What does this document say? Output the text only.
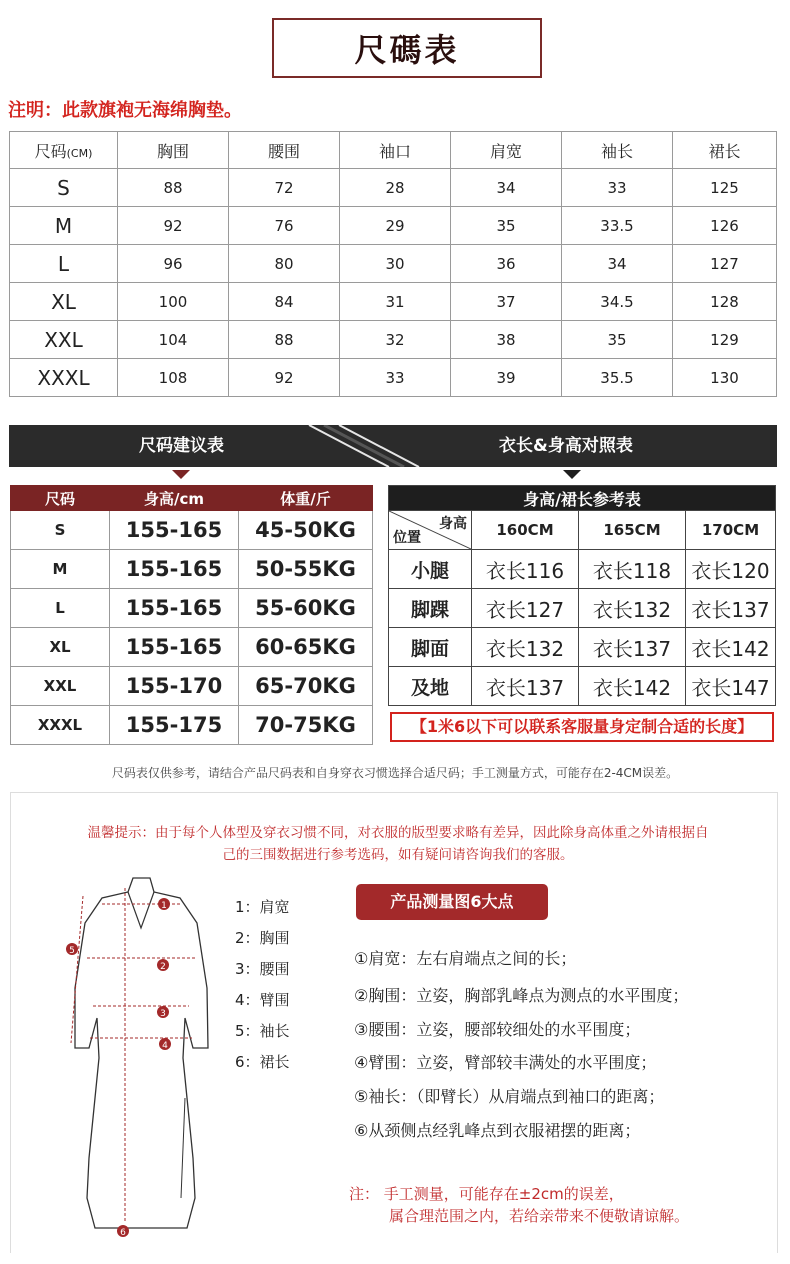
尺碼表
注明：此款旗袍无海绵胸垫。
尺码(CM)	胸围	腰围	袖口	肩宽	袖长	裙长
S	88	72	28	34	33	125
M	92	76	29	35	33.5	126
L	96	80	30	36	34	127
XL	100	84	31	37	34.5	128
XXL	104	88	32	38	35	129
XXXL	108	92	33	39	35.5	130
尺码建议表	衣长&身高对照表
尺码	身高/cm	体重/斤
S	155-165	45-50KG
M	155-165	50-55KG
L	155-165	55-60KG
XL	155-165	60-65KG
XXL	155-170	65-70KG
XXXL	155-175	70-75KG
身高/裙长参考表			

身高
位置	160CM	165CM	170CM
小腿	衣长116	衣长118	衣长120
脚踝	衣长127	衣长132	衣长137
脚面	衣长132	衣长137	衣长142
及地	衣长137	衣长142	衣长147
【1米6以下可以联系客服量身定制合适的长度】
尺码表仅供参考，请结合产品尺码表和自身穿衣习惯选择合适尺码；手工测量方式，可能存在2-4CM误差。
温馨提示：由于每个人体型及穿衣习惯不同，对衣服的版型要求略有差异，因此除身高体重之外请根据自
己的三围数据进行参考选码，如有疑问请咨询我们的客服。
1
2
3
4
5
6
1：肩宽
2：胸围
3：腰围
4：臂围
5：袖长
6：裙长
产品测量图6大点
①肩宽：左右肩端点之间的长；
②胸围：立姿，胸部乳峰点为测点的水平围度；
③腰围：立姿，腰部较细处的水平围度；
④臂围：立姿，臂部较丰满处的水平围度；
⑤袖长：（即臂长）从肩端点到袖口的距离；
⑥从颈侧点经乳峰点到衣服裙摆的距离；
注： 手工测量，可能存在±2cm的误差，
属合理范围之内，若给亲带来不便敬请谅解。
